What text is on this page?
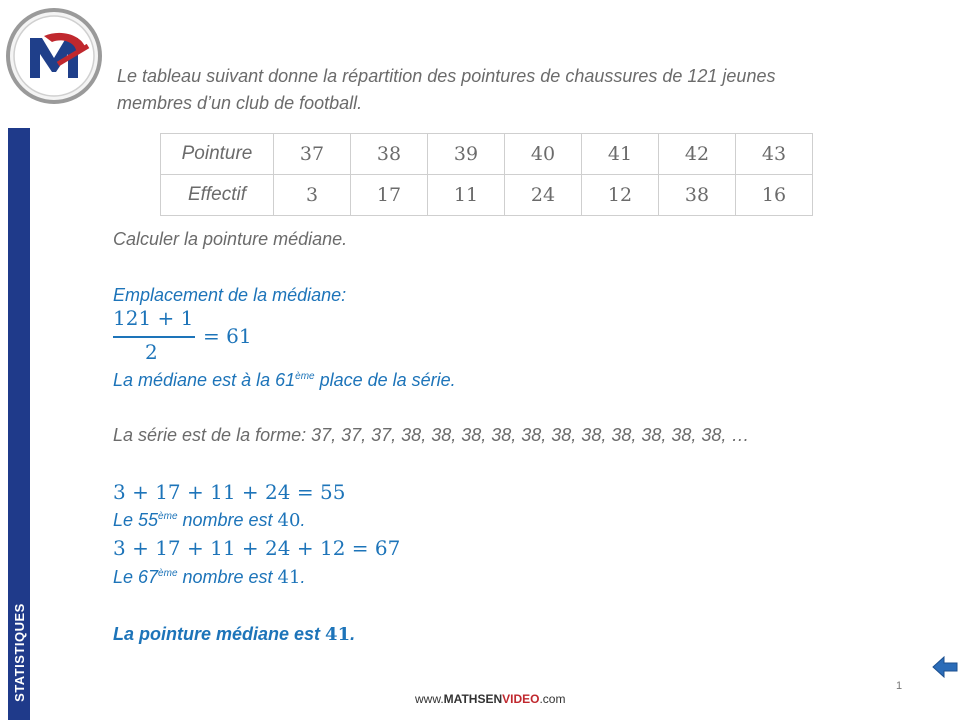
STATISTIQUES
Le tableau suivant donne la répartition des pointures de chaussures de 121 jeunes
membres d’un club de football.
Pointure	37	38	39	40	41	42	43
Effectif	3	17	11	24	12	38	16
Calculer la pointure médiane.
Emplacement de la médiane:
121 + 1
2
= 61
La médiane est à la 61ème place de la série.
La série est de la forme: 37, 37, 37, 38, 38, 38, 38, 38, 38, 38, 38, 38, 38, 38, …
3 + 17 + 11 + 24 = 55
Le 55ème nombre est 40.
3 + 17 + 11 + 24 + 12 = 67
Le 67ème nombre est 41.
La pointure médiane est 41.
www.MATHSENVIDEO.com
1
